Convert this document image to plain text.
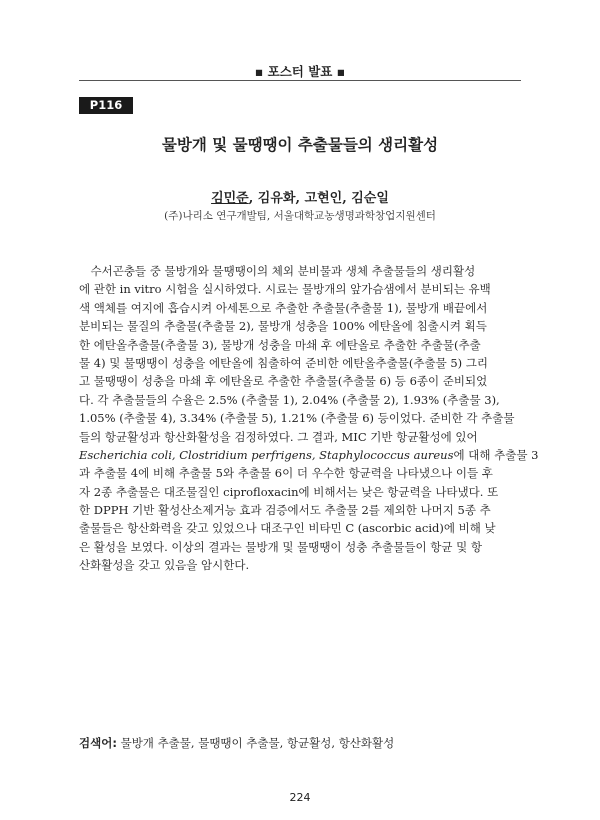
▪ 포스터 발표 ▪
P116
물방개 및 물땡땡이 추출물들의 생리활성
김민준, 김유화, 고현인, 김순일
(주)나리소 연구개발팀, 서울대학교농생명과학창업지원센터
　수서곤충들 중 물방개와 물땡땡이의 체외 분비물과 생체 추출물들의 생리활성
에 관한 in vitro 시험을 실시하였다. 시료는 물방개의 앞가슴샘에서 분비되는 유백
색 액체를 여지에 흡습시켜 아세톤으로 추출한 추출물(추출물 1), 물방개 배끝에서
분비되는 물질의 추출물(추출물 2), 물방개 성충을 100% 에탄올에 침출시켜 획득
한 에탄올추출물(추출물 3), 물방개 성충을 마쇄 후 에탄올로 추출한 추출물(추출
물 4) 및 물땡땡이 성충을 에탄올에 침출하여 준비한 에탄올추출물(추출물 5) 그리
고 물땡땡이 성충을 마쇄 후 에탄올로 추출한 추출물(추출물 6) 등 6종이 준비되었
다. 각 추출물들의 수율은 2.5% (추출물 1), 2.04% (추출물 2), 1.93% (추출물 3),
1.05% (추출물 4), 3.34% (추출물 5), 1.21% (추출물 6) 등이었다. 준비한 각 추출물
들의 항균활성과 항산화활성을 검정하였다. 그 결과, MIC 기반 항균활성에 있어
Escherichia coli, Clostridium perfrigens, Staphylococcus aureus에 대해 추출물 3
과 추출물 4에 비해 추출물 5와 추출물 6이 더 우수한 항균력을 나타냈으나 이들 후
자 2종 추출물은 대조물질인 ciprofloxacin에 비해서는 낮은 항균력을 나타냈다. 또
한 DPPH 기반 활성산소제거능 효과 검증에서도 추출물 2를 제외한 나머지 5종 추
출물들은 항산화력을 갖고 있었으나 대조구인 비타민 C (ascorbic acid)에 비해 낮
은 활성을 보였다. 이상의 결과는 물방개 및 물땡땡이 성충 추출물들이 항균 및 항
산화활성을 갖고 있음을 암시한다.
검색어: 물방개 추출물, 물땡땡이 추출물, 항균활성, 항산화활성
224
